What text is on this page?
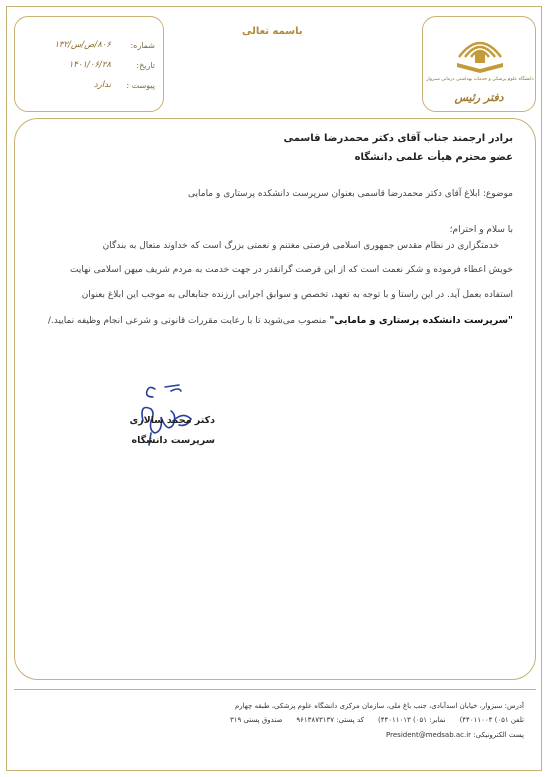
شماره:
۸۰۶/ص/س/۱۳۲
تاریخ:
۱۴۰۱/۰۶/۲۸
پیوست :
ندارد
باسمه تعالی
دانشگاه علوم پزشکی و خدمات بهداشتی درمانی سبزوار
دفتر رئیس
برادر ارجمند جناب آقای دکتر محمدرضا قاسمی
عضو محترم هیأت علمی دانشگاه
موضوع: ابلاغ آقای دکتر محمدرضا قاسمی بعنوان سرپرست دانشکده پرستاری و مامایی
با سلام و احترام؛
خدمتگزاری در نظام مقدس جمهوری اسلامی فرصتی مغتنم و نعمتی بزرگ است که خداوند متعال به بندگان
خویش اعطاء فرموده و شکر نعمت است که از این فرصت گرانقدر در جهت خدمت به مردم شریف میهن اسلامی نهایت
استفاده بعمل آید. در این راستا و با توجه به تعهد، تخصص و سوابق اجرایی ارزنده جنابعالی به موجب این ابلاغ بعنوان
"سرپرست دانشکده پرستاری و مامایی" منصوب می‌شوید تا با رعایت مقررات قانونی و شرعی انجام وظیفه نمایید./
دکتر محمد سالاری
سرپرست دانشگاه
آدرس: سبزوار، خیابان اسدآبادی، جنب باغ ملی، سازمان مرکزی دانشگاه علوم پزشکی، طبقه چهارم
تلفن ۰۵۱) ۴۴۰۱۱۰۰۴)نمابر: ۰۵۱) ۴۴۰۱۱۰۱۳)کد پستی: ۹۶۱۳۸۷۳۱۳۷صندوق پستی ۳۱۹
پست الکترونیکی: President@medsab.ac.ir
